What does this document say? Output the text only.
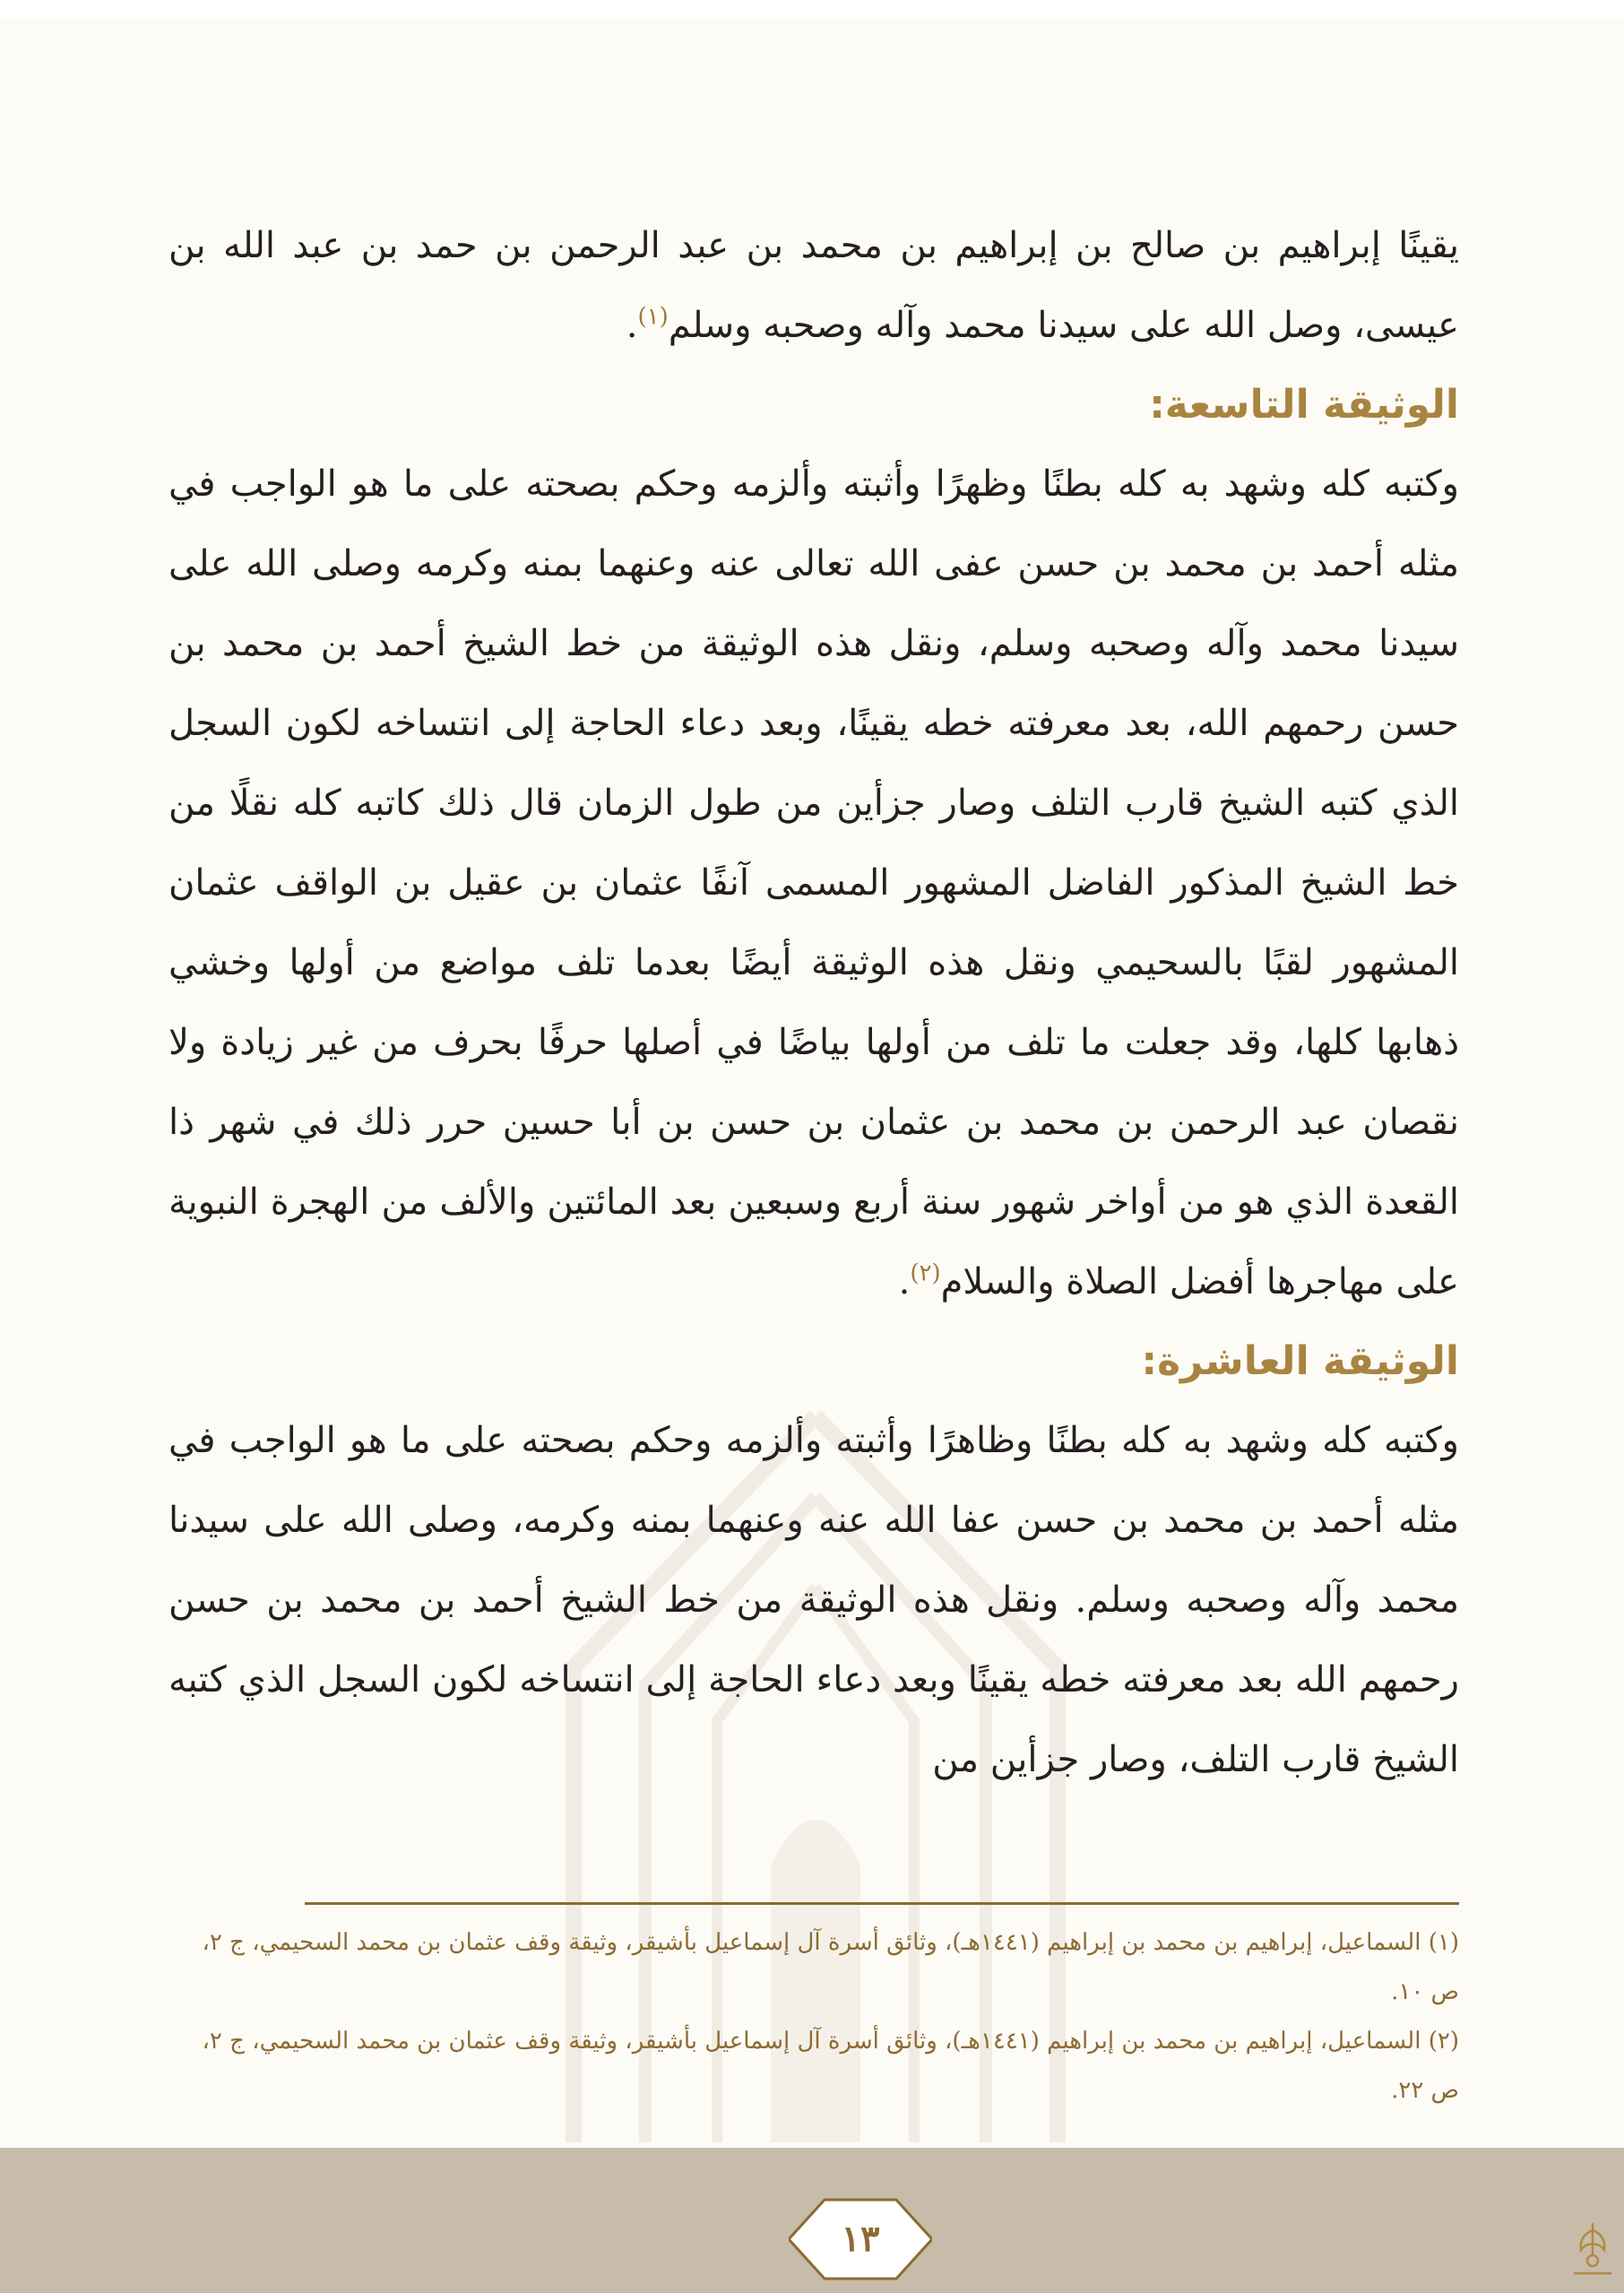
يقينًا إبراهيم بن صالح بن إبراهيم بن محمد بن عبد الرحمن بن حمد بن عبد الله بن عيسى، وصل الله على سيدنا محمد وآله وصحبه وسلم$^{(١)}$.

الوثيقة التاسعة:

وكتبه كله وشهد به كله بطنًا وظهرًا وأثبته وألزمه وحكم بصحته على ما هو الواجب في مثله أحمد بن محمد بن حسن عفى الله تعالى عنه وعنهما بمنه وكرمه وصلى الله على سيدنا محمد وآله وصحبه وسلم، ونقل هذه الوثيقة من خط الشيخ أحمد بن محمد بن حسن رحمهم الله، بعد معرفته خطه يقينًا، وبعد دعاء الحاجة إلى انتساخه لكون السجل الذي كتبه الشيخ قارب التلف وصار جزأين من طول الزمان قال ذلك كاتبه كله نقلًا من خط الشيخ المذكور الفاضل المشهور المسمى آنفًا عثمان بن عقيل بن الواقف عثمان المشهور لقبًا بالسحيمي ونقل هذه الوثيقة أيضًا بعدما تلف مواضع من أولها وخشي ذهابها كلها، وقد جعلت ما تلف من أولها بياضًا في أصلها حرفًا بحرف من غير زيادة ولا نقصان عبد الرحمن بن محمد بن عثمان بن حسن بن أبا حسين حرر ذلك في شهر ذا القعدة الذي هو من أواخر شهور سنة أربع وسبعين بعد المائتين والألف من الهجرة النبوية على مهاجرها أفضل الصلاة والسلام$^{(٢)}$.

الوثيقة العاشرة:

وكتبه كله وشهد به كله بطنًا وظاهرًا وأثبته وألزمه وحكم بصحته على ما هو الواجب في مثله أحمد بن محمد بن حسن عفا الله عنه وعنهما بمنه وكرمه، وصلى الله على سيدنا محمد وآله وصحبه وسلم. ونقل هذه الوثيقة من خط الشيخ أحمد بن محمد بن حسن رحمهم الله بعد معرفته خطه يقينًا وبعد دعاء الحاجة إلى انتساخه لكون السجل الذي كتبه الشيخ قارب التلف، وصار جزأين من

(١) السماعيل، إبراهيم بن محمد بن إبراهيم (١٤٤١هـ)، وثائق أسرة آل إسماعيل بأشيقر، وثيقة وقف عثمان بن محمد السحيمي، ج ٢، ص ١٠.

(٢) السماعيل، إبراهيم بن محمد بن إبراهيم (١٤٤١هـ)، وثائق أسرة آل إسماعيل بأشيقر، وثيقة وقف عثمان بن محمد السحيمي، ج ٢، ص ٢٢.

١٣
